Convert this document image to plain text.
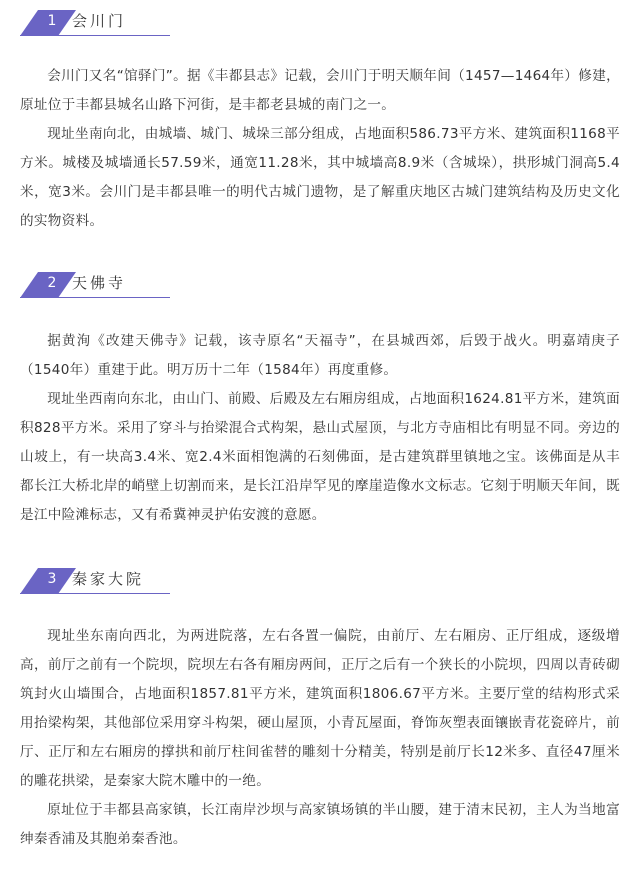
1	会川门

会川门又名“馆驿门”。据《丰都县志》记载，会川门于明天顺年间（1457—1464年）修建，原址位于丰都县城名山路下河街，是丰都老县城的南门之一。

现址坐南向北，由城墙、城门、城垛三部分组成，占地面积586.73平方米、建筑面积1168平方米。城楼及城墙通长57.59米，通宽11.28米，其中城墙高8.9米（含城垛），拱形城门洞高5.4米，宽3米。会川门是丰都县唯一的明代古城门遗物，是了解重庆地区古城门建筑结构及历史文化的实物资料。

2	天佛寺

据黄洵《改建天佛寺》记载，该寺原名“天福寺”，在县城西郊，后毁于战火。明嘉靖庚子（1540年）重建于此。明万历十二年（1584年）再度重修。

现址坐西南向东北，由山门、前殿、后殿及左右厢房组成，占地面积1624.81平方米，建筑面积828平方米。采用了穿斗与抬梁混合式构架，悬山式屋顶，与北方寺庙相比有明显不同。旁边的山坡上，有一块高3.4米、宽2.4米面相饱满的石刻佛面，是古建筑群里镇地之宝。该佛面是从丰都长江大桥北岸的峭壁上切割而来，是长江沿岸罕见的摩崖造像水文标志。它刻于明顺天年间，既是江中险滩标志，又有希冀神灵护佑安渡的意愿。

3	秦家大院

现址坐东南向西北，为两进院落，左右各置一偏院，由前厅、左右厢房、正厅组成，逐级增高，前厅之前有一个院坝，院坝左右各有厢房两间，正厅之后有一个狭长的小院坝，四周以青砖砌筑封火山墙围合，占地面积1857.81平方米，建筑面积1806.67平方米。主要厅堂的结构形式采用抬梁构架，其他部位采用穿斗构架，硬山屋顶，小青瓦屋面，脊饰灰塑表面镶嵌青花瓷碎片，前厅、正厅和左右厢房的撑拱和前厅柱间雀替的雕刻十分精美，特别是前厅长12米多、直径47厘米的雕花拱梁，是秦家大院木雕中的一绝。

原址位于丰都县高家镇，长江南岸沙坝与高家镇场镇的半山腰，建于清末民初，主人为当地富绅秦香浦及其胞弟秦香池。
